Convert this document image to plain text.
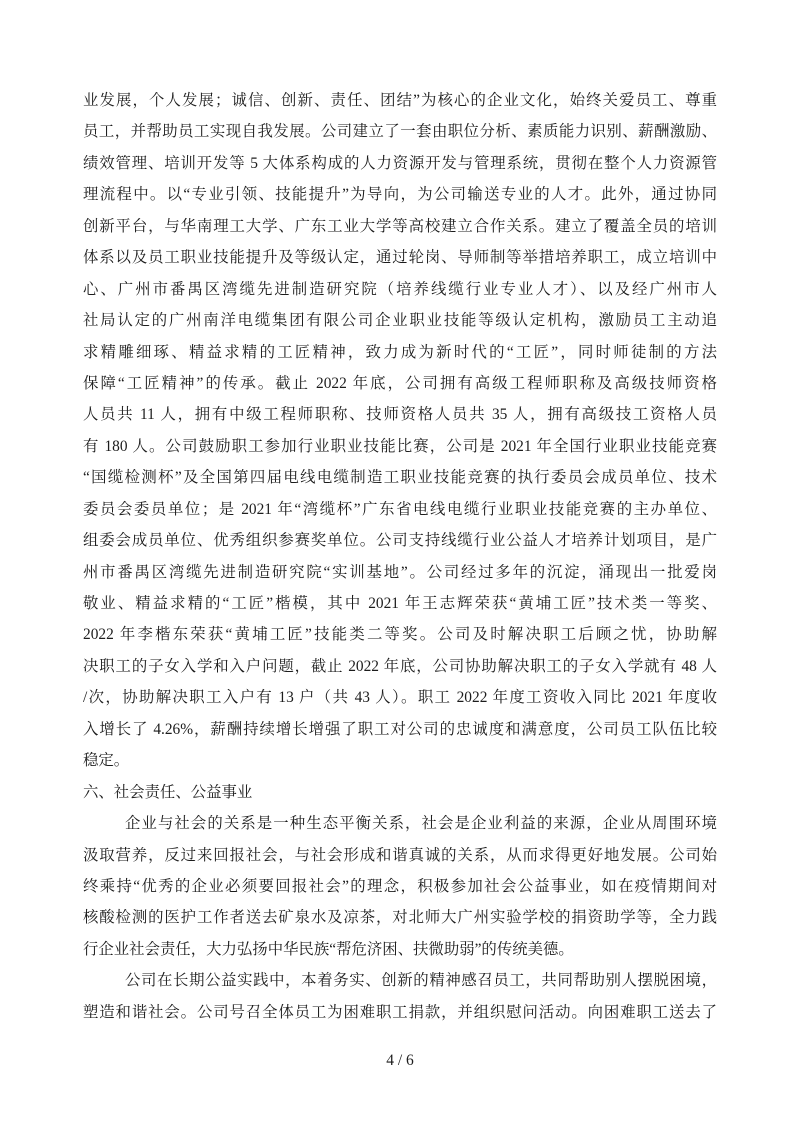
业发展，个人发展；诚信、创新、责任、团结”为核心的企业文化，始终关爱员工、尊重
员工，并帮助员工实现自我发展。公司建立了一套由职位分析、素质能力识别、薪酬激励、
绩效管理、培训开发等 5 大体系构成的人力资源开发与管理系统，贯彻在整个人力资源管
理流程中。以“专业引领、技能提升”为导向，为公司输送专业的人才。此外，通过协同
创新平台，与华南理工大学、广东工业大学等高校建立合作关系。建立了覆盖全员的培训
体系以及员工职业技能提升及等级认定，通过轮岗、导师制等举措培养职工，成立培训中
心、广州市番禺区湾缆先进制造研究院（培养线缆行业专业人才）、以及经广州市人
社局认定的广州南洋电缆集团有限公司企业职业技能等级认定机构，激励员工主动追
求精雕细琢、精益求精的工匠精神，致力成为新时代的“工匠”，同时师徒制的方法
保障“工匠精神”的传承。截止 2022 年底，公司拥有高级工程师职称及高级技师资格
人员共 11 人，拥有中级工程师职称、技师资格人员共 35 人，拥有高级技工资格人员
有 180 人。公司鼓励职工参加行业职业技能比赛，公司是 2021 年全国行业职业技能竞赛
“国缆检测杯”及全国第四届电线电缆制造工职业技能竞赛的执行委员会成员单位、技术
委员会委员单位；是 2021 年“湾缆杯”广东省电线电缆行业职业技能竞赛的主办单位、
组委会成员单位、优秀组织参赛奖单位。公司支持线缆行业公益人才培养计划项目，是广
州市番禺区湾缆先进制造研究院“实训基地”。公司经过多年的沉淀，涌现出一批爱岗
敬业、精益求精的“工匠”楷模，其中 2021 年王志辉荣获“黄埔工匠”技术类一等奖、
2022 年李楷东荣获“黄埔工匠”技能类二等奖。公司及时解决职工后顾之忧，协助解
决职工的子女入学和入户问题，截止 2022 年底，公司协助解决职工的子女入学就有 48 人
/次，协助解决职工入户有 13 户（共 43 人）。职工 2022 年度工资收入同比 2021 年度收
入增长了 4.26%，薪酬持续增长增强了职工对公司的忠诚度和满意度，公司员工队伍比较
稳定。
六、社会责任、公益事业
企业与社会的关系是一种生态平衡关系，社会是企业利益的来源，企业从周围环境
汲取营养，反过来回报社会，与社会形成和谐真诚的关系，从而求得更好地发展。公司始
终乘持“优秀的企业必须要回报社会”的理念，积极参加社会公益事业，如在疫情期间对
核酸检测的医护工作者送去矿泉水及凉茶，对北师大广州实验学校的捐资助学等，全力践
行企业社会责任，大力弘扬中华民族“帮危济困、扶微助弱”的传统美德。
公司在长期公益实践中，本着务实、创新的精神感召员工，共同帮助别人摆脱困境，
塑造和谐社会。公司号召全体员工为困难职工捐款，并组织慰问活动。向困难职工送去了
4 / 6
